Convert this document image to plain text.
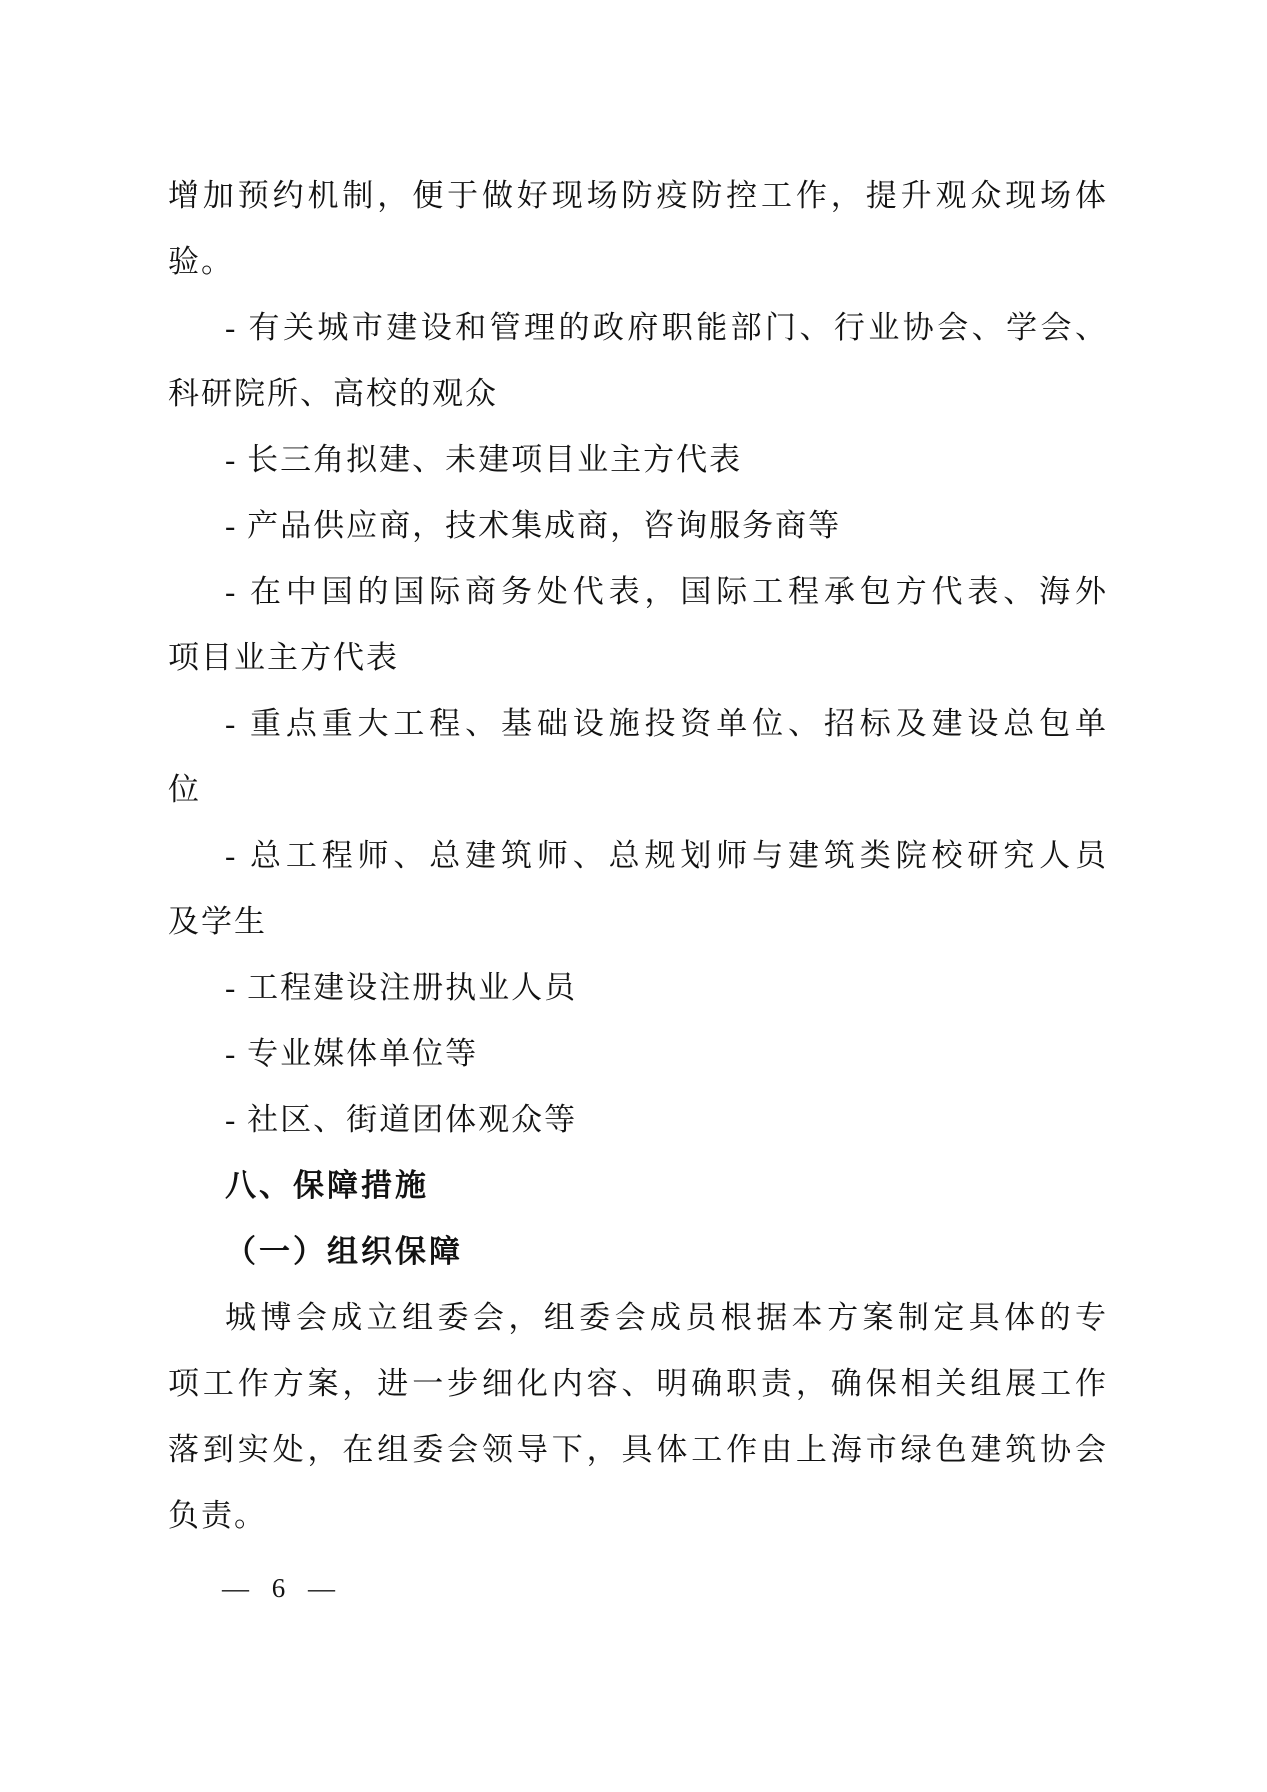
增加预约机制，便于做好现场防疫防控工作，提升观众现场体
验。
- 有关城市建设和管理的政府职能部门、行业协会、学会、
科研院所、高校的观众
- 长三角拟建、未建项目业主方代表
- 产品供应商，技术集成商，咨询服务商等
- 在中国的国际商务处代表，国际工程承包方代表、海外
项目业主方代表
- 重点重大工程、基础设施投资单位、招标及建设总包单
位
- 总工程师、总建筑师、总规划师与建筑类院校研究人员
及学生
- 工程建设注册执业人员
- 专业媒体单位等
- 社区、街道团体观众等
八、保障措施
（一）组织保障
城博会成立组委会，组委会成员根据本方案制定具体的专
项工作方案，进一步细化内容、明确职责，确保相关组展工作
落到实处，在组委会领导下，具体工作由上海市绿色建筑协会
负责。
— 6 —
